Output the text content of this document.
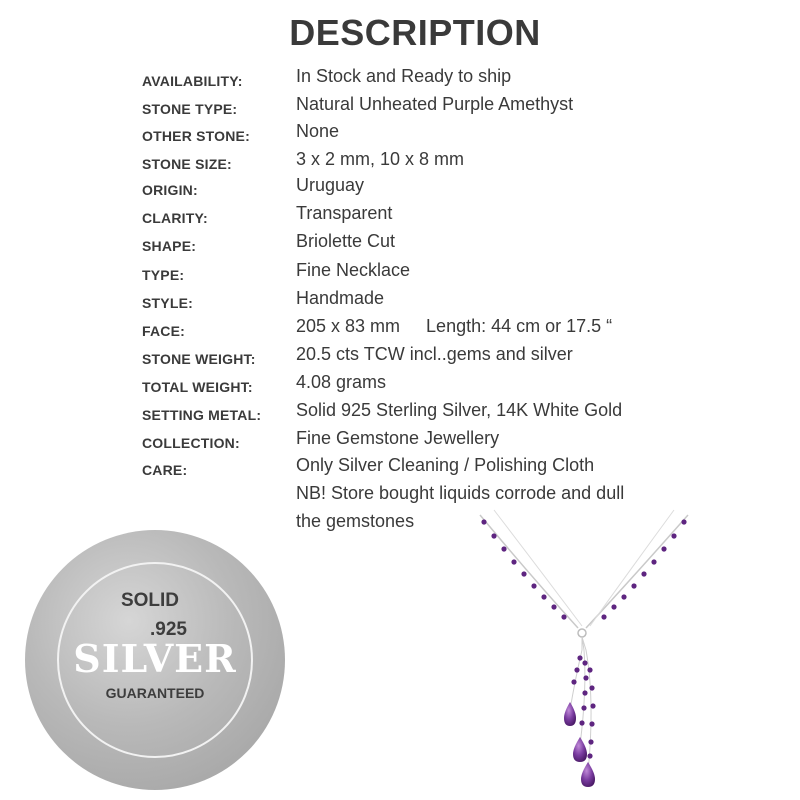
DESCRIPTION
AVAILABILITY:	In Stock and Ready to ship
STONE TYPE:	Natural Unheated Purple Amethyst
OTHER STONE:	None
STONE SIZE:	3 x 2 mm, 10 x 8 mm
ORIGIN:	Uruguay
CLARITY:	Transparent
SHAPE:	Briolette Cut
TYPE:	Fine Necklace
STYLE:	Handmade
FACE:	205 x 83 mm Length: 44 cm or 17.5 “
STONE WEIGHT: 20.5 cts TCW incl..gems and silver
TOTAL WEIGHT: 4.08 grams
SETTING METAL: Solid 925 Sterling Silver, 14K White Gold
COLLECTION:	Fine Gemstone Jewellery
CARE:	Only Silver Cleaning / Polishing Cloth
NB! Store bought liquids corrode and dull
the gemstones
SOLID
.925
SILVER
GUARANTEED
